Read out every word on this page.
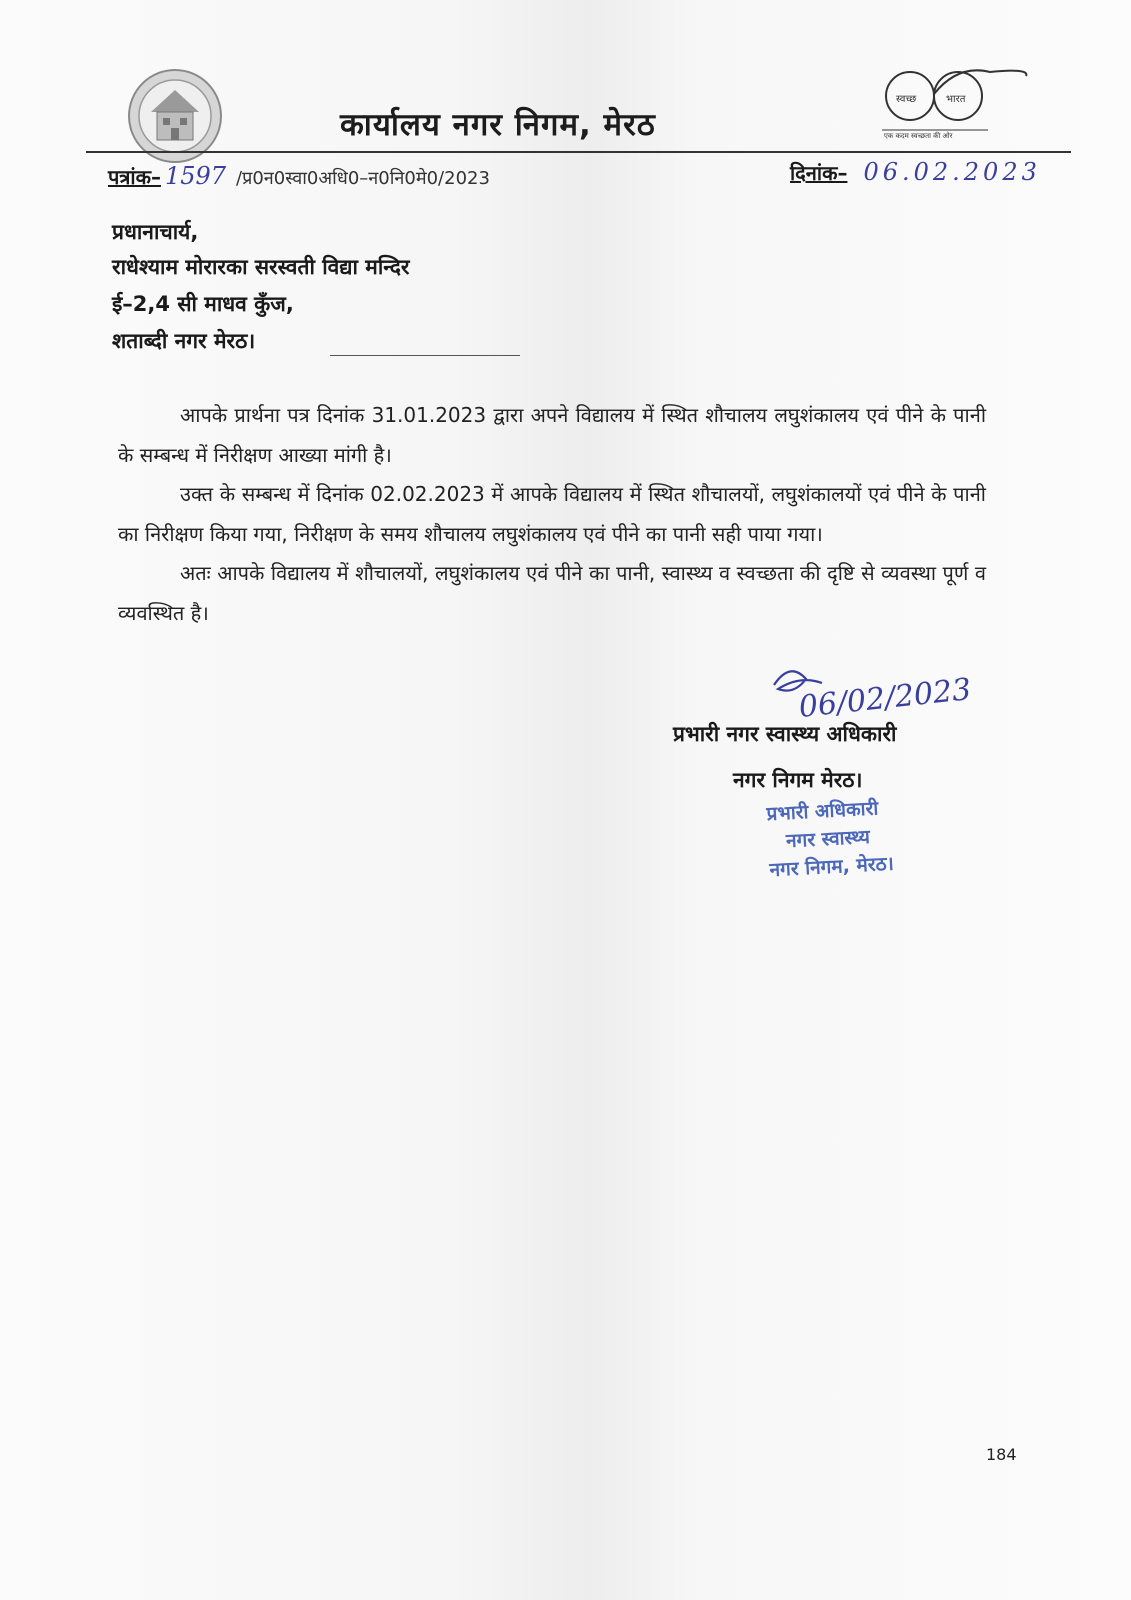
स्वच्छ	भारत
एक कदम स्वच्छता की ओर
कार्यालय नगर निगम, मेरठ
पत्रांक– 1597 /प्र0न0स्वा0अधि0–न0नि0मे0/2023	दिनांक– 06.02.2023
प्रधानाचार्य,
राधेश्याम मोरारका सरस्वती विद्या मन्दिर
ई–2,4 सी माधव कुँज,
शताब्दी नगर मेरठ।

आपके प्रार्थना पत्र दिनांक 31.01.2023 द्वारा अपने विद्यालय में स्थित शौचालय लघुशंकालय एवं पीने के पानी के सम्बन्ध में निरीक्षण आख्या मांगी है।

उक्त के सम्बन्ध में दिनांक 02.02.2023 में आपके विद्यालय में स्थित शौचालयों, लघुशंकालयों एवं पीने के पानी का निरीक्षण किया गया, निरीक्षण के समय शौचालय लघुशंकालय एवं पीने का पानी सही पाया गया।

अतः आपके विद्यालय में शौचालयों, लघुशंकालय एवं पीने का पानी, स्वास्थ्य व स्वच्छता की दृष्टि से व्यवस्था पूर्ण व व्यवस्थित है।

06/02/2023
प्रभारी नगर स्वास्थ्य अधिकारी
नगर निगम मेरठ।
प्रभारी अधिकारी
नगर स्वास्थ्य
नगर निगम, मेरठ।
184
